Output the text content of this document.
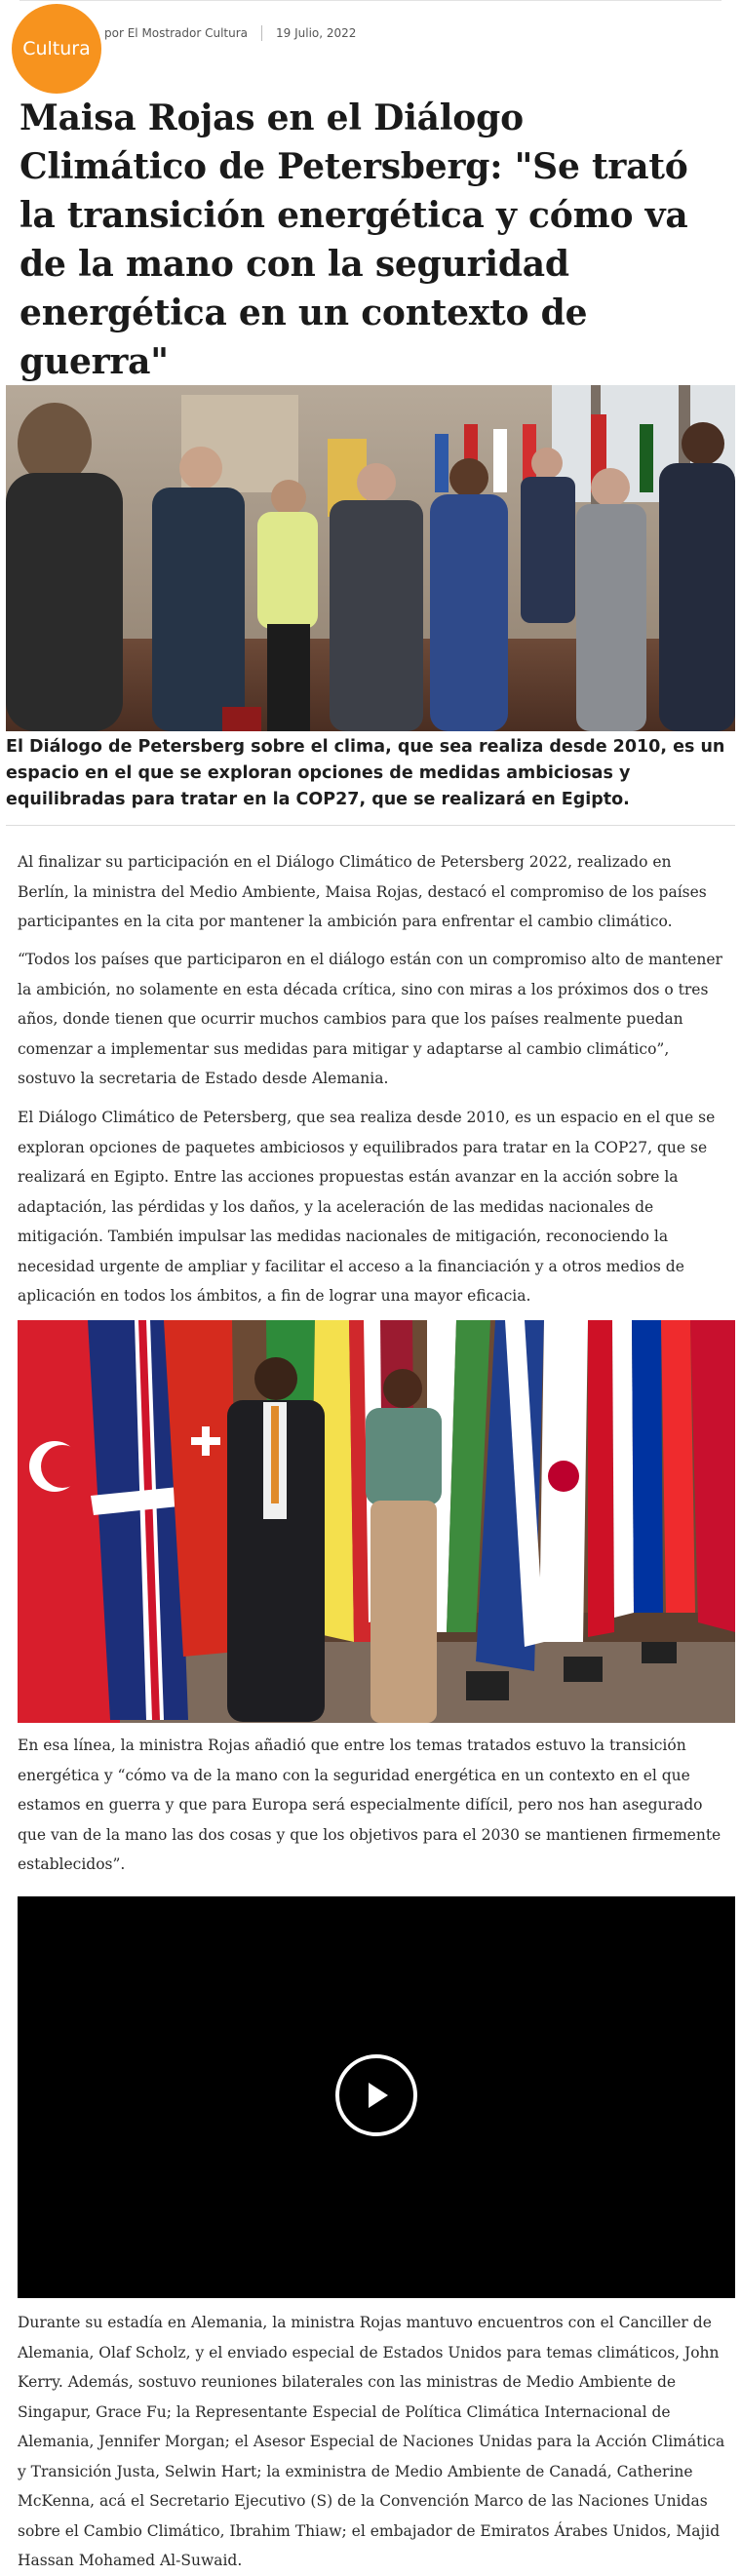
Cultura
por El Mostrador Cultura 19 Julio, 2022
Maisa Rojas en el Diálogo Climático de Petersberg: "Se trató la transición energética y cómo va de la mano con la seguridad energética en un contexto de guerra"
El Diálogo de Petersberg sobre el clima, que sea realiza desde 2010, es un espacio en el que se exploran opciones de medidas ambiciosas y equilibradas para tratar en la COP27, que se realizará en Egipto.

Al finalizar su participación en el Diálogo Climático de Petersberg 2022, realizado en Berlín, la ministra del Medio Ambiente, Maisa Rojas, destacó el compromiso de los países participantes en la cita por mantener la ambición para enfrentar el cambio climático.

“Todos los países que participaron en el diálogo están con un compromiso alto de mantener la ambición, no solamente en esta década crítica, sino con miras a los próximos dos o tres años, donde tienen que ocurrir muchos cambios para que los países realmente puedan comenzar a implementar sus medidas para mitigar y adaptarse al cambio climático”, sostuvo la secretaria de Estado desde Alemania.

El Diálogo Climático de Petersberg, que sea realiza desde 2010, es un espacio en el que se exploran opciones de paquetes ambiciosos y equilibrados para tratar en la COP27, que se realizará en Egipto. Entre las acciones propuestas están avanzar en la acción sobre la adaptación, las pérdidas y los daños, y la aceleración de las medidas nacionales de mitigación. También impulsar las medidas nacionales de mitigación, reconociendo la necesidad urgente de ampliar y facilitar el acceso a la financiación y a otros medios de aplicación en todos los ámbitos, a fin de lograr una mayor eficacia.

En esa línea, la ministra Rojas añadió que entre los temas tratados estuvo la transición energética y “cómo va de la mano con la seguridad energética en un contexto en el que estamos en guerra y que para Europa será especialmente difícil, pero nos han asegurado que van de la mano las dos cosas y que los objetivos para el 2030 se mantienen firmemente establecidos”.

Durante su estadía en Alemania, la ministra Rojas mantuvo encuentros con el Canciller de Alemania, Olaf Scholz, y el enviado especial de Estados Unidos para temas climáticos, John Kerry. Además, sostuvo reuniones bilaterales con las ministras de Medio Ambiente de Singapur, Grace Fu; la Representante Especial de Política Climática Internacional de Alemania, Jennifer Morgan; el Asesor Especial de Naciones Unidas para la Acción Climática y Transición Justa, Selwin Hart; la exministra de Medio Ambiente de Canadá, Catherine McKenna, acá el Secretario Ejecutivo (S) de la Convención Marco de las Naciones Unidas sobre el Cambio Climático, Ibrahim Thiaw; el embajador de Emiratos Árabes Unidos, Majid Hassan Mohamed Al-Suwaid.
